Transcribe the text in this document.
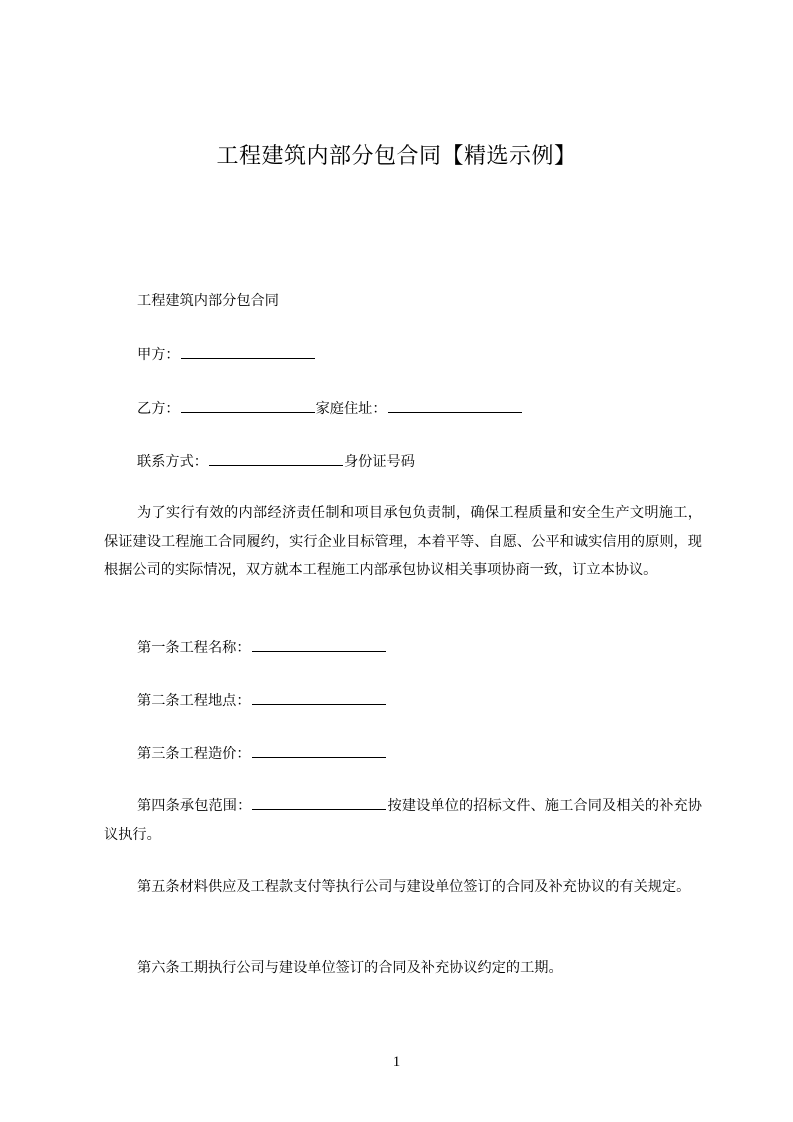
工程建筑内部分包合同【精选示例】
工程建筑内部分包合同
甲方：
乙方：	家庭住址：
联系方式：	身份证号码
为了实行有效的内部经济责任制和项目承包负责制，确保工程质量和安全生产文明施工，保证建设工程施工合同履约，实行企业目标管理，本着平等、自愿、公平和诚实信用的原则，现根据公司的实际情况，双方就本工程施工内部承包协议相关事项协商一致，订立本协议。
第一条工程名称：
第二条工程地点：
第三条工程造价：
第四条承包范围：	按建设单位的招标文件、施工合同及相关的补充协议执行。
第五条材料供应及工程款支付等执行公司与建设单位签订的合同及补充协议的有关规定。
第六条工期执行公司与建设单位签订的合同及补充协议约定的工期。
1
